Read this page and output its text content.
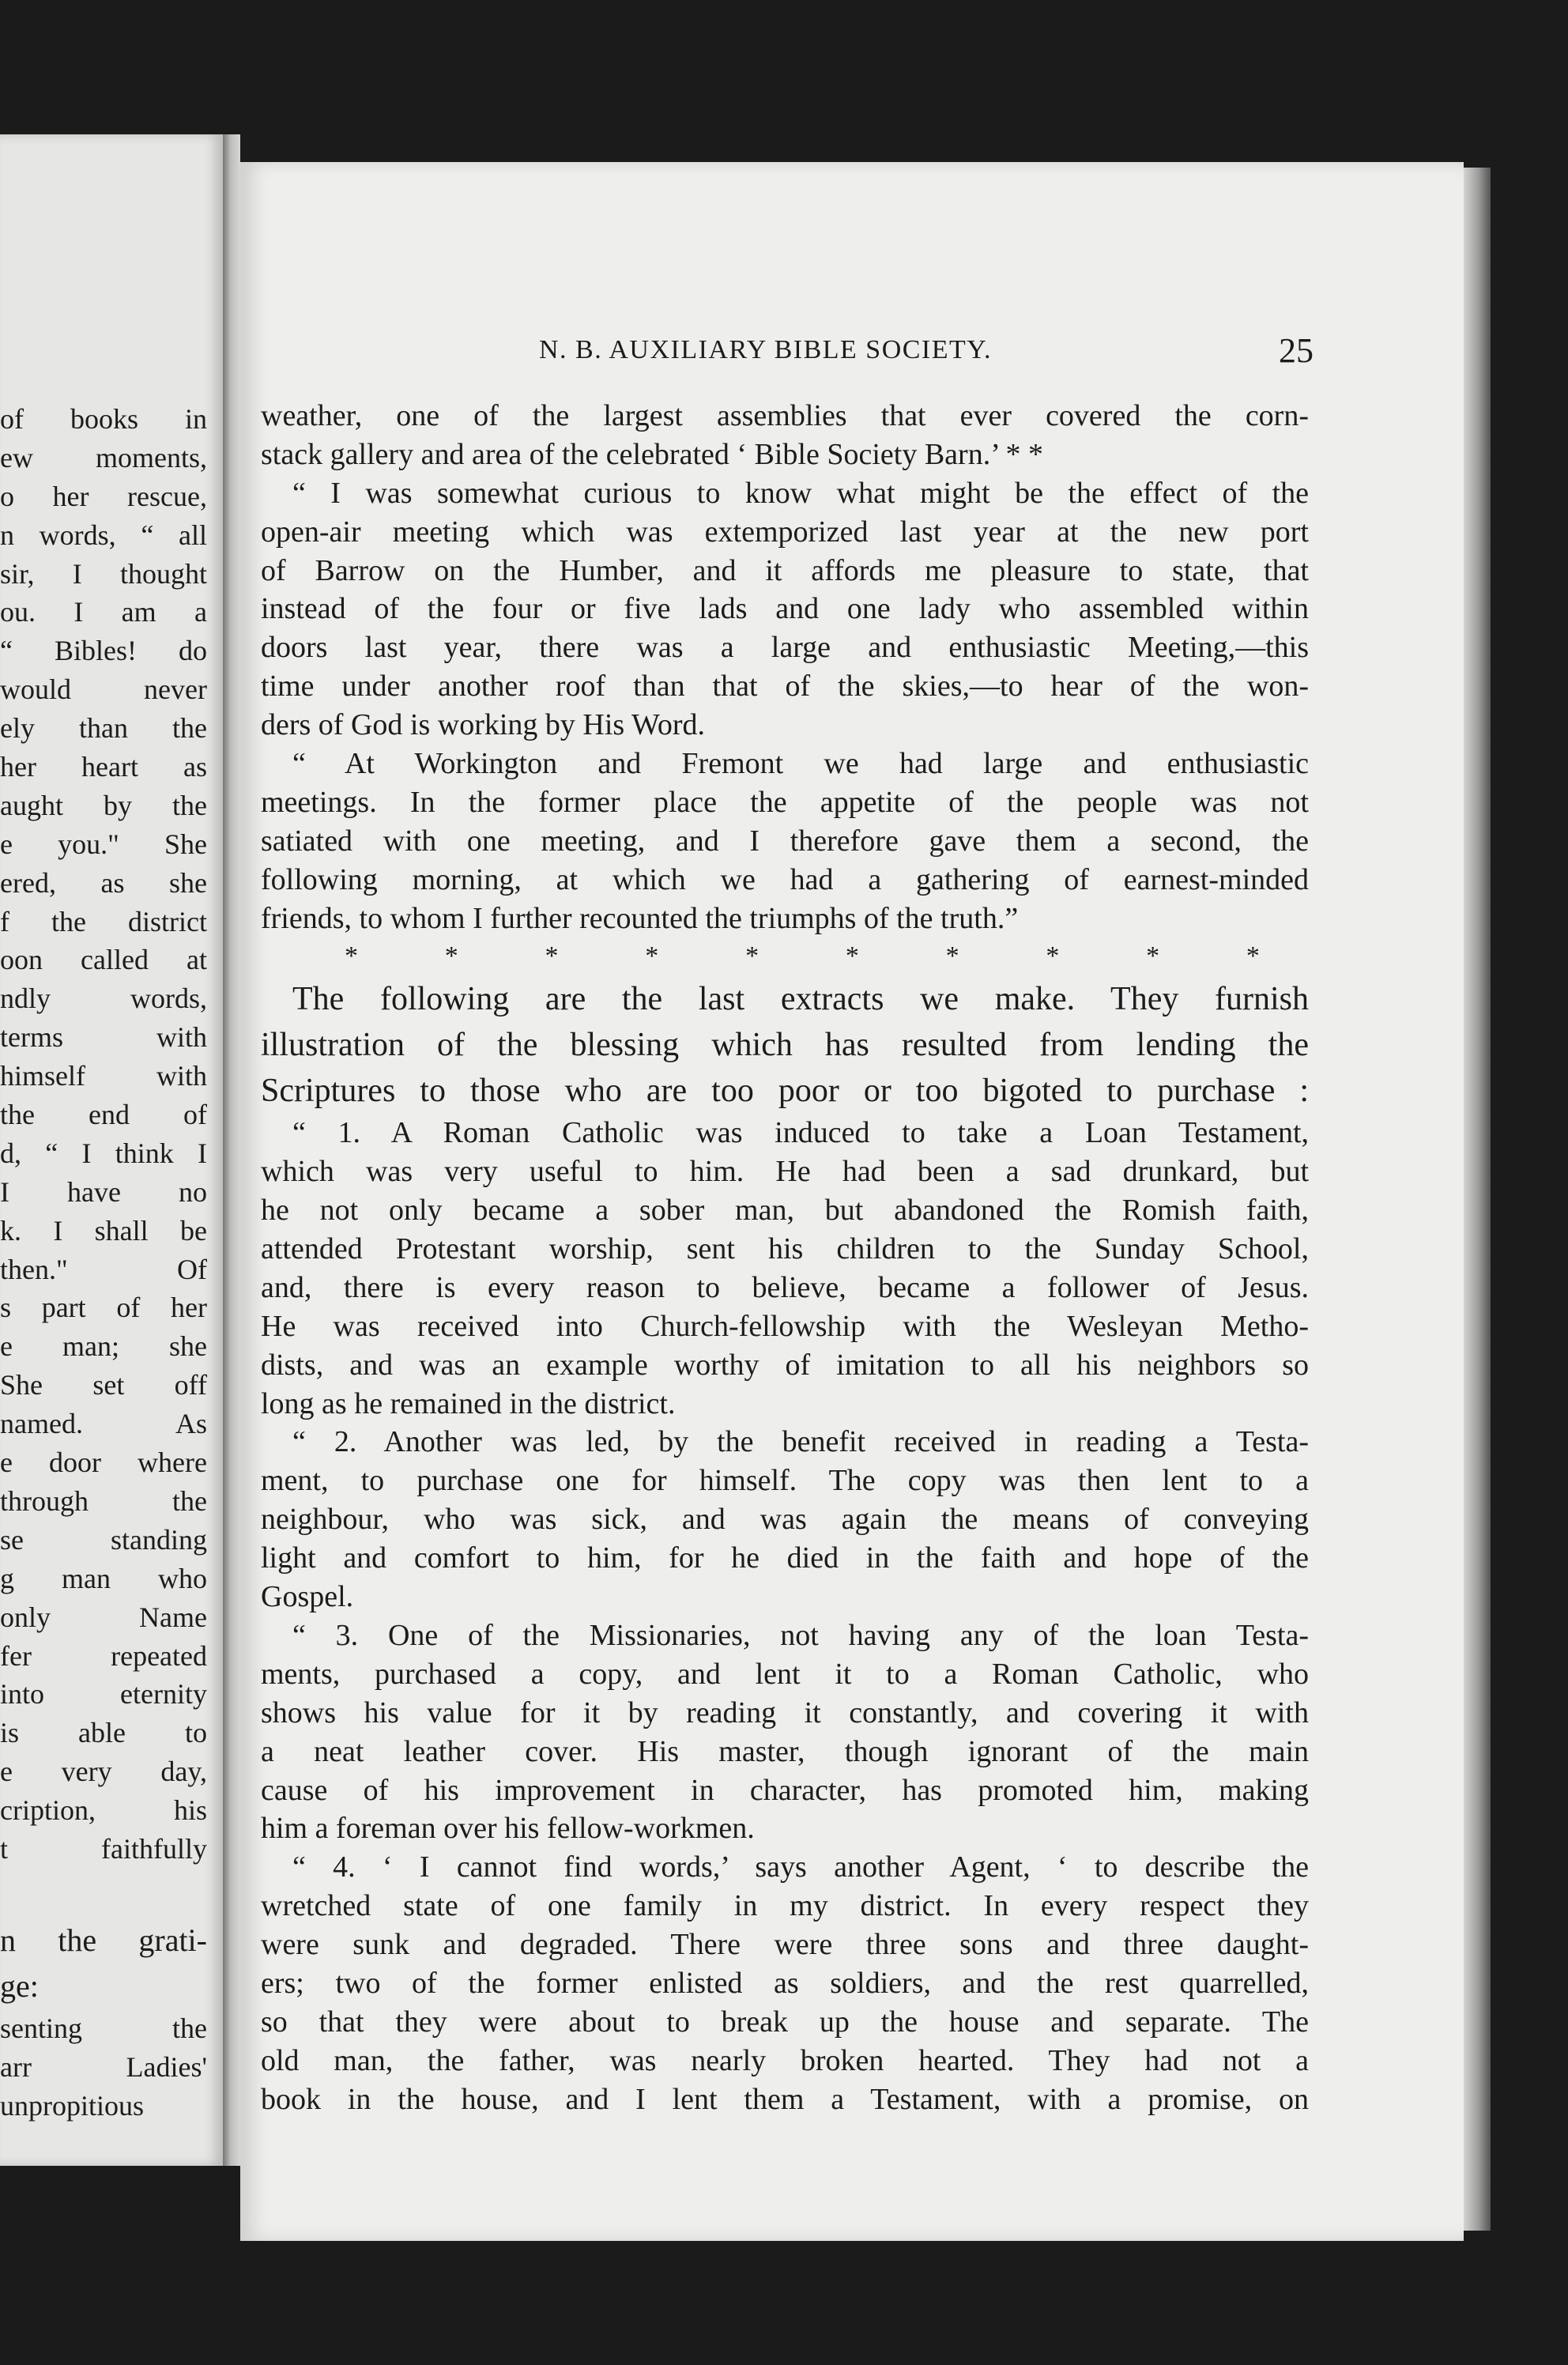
of books in
ew moments,
o her rescue,
n words, “ all
sir, I thought
ou. I am a
“ Bibles! do
would never
ely than the
her heart as
aught by the
e you." She
ered, as she
f the district
oon called at
ndly words,
terms with
himself with
the end of
d, “ I think I
I have no
k. I shall be
then." Of
s part of her
e man; she
She set off
named. As
e door where
through the
se standing
g man who
only Name
fer repeated
into eternity
is able to
e very day,
cription, his
t faithfully
n the grati-
ge:
senting the
arr Ladies'
unpropitious
N. B. AUXILIARY BIBLE SOCIETY.	25
weather, one of the largest assemblies that ever covered the corn-
stack gallery and area of the celebrated ‘ Bible Society Barn.’ * *
“ I was somewhat curious to know what might be the effect of the
open-air meeting which was extemporized last year at the new port
of Barrow on the Humber, and it affords me pleasure to state, that
instead of the four or five lads and one lady who assembled within
doors last year, there was a large and enthusiastic Meeting,—this
time under another roof than that of the skies,—to hear of the won-
ders of God is working by His Word.
“ At Workington and Fremont we had large and enthusiastic
meetings. In the former place the appetite of the people was not
satiated with one meeting, and I therefore gave them a second, the
following morning, at which we had a gathering of earnest-minded
friends, to whom I further recounted the triumphs of the truth.”
*	*	*	*	*	*	*	*	*	*
The following are the last extracts we make. They furnish
illustration of the blessing which has resulted from lending the
Scriptures to those who are too poor or too bigoted to purchase :
“ 1. A Roman Catholic was induced to take a Loan Testament,
which was very useful to him. He had been a sad drunkard, but
he not only became a sober man, but abandoned the Romish faith,
attended Protestant worship, sent his children to the Sunday School,
and, there is every reason to believe, became a follower of Jesus.
He was received into Church-fellowship with the Wesleyan Metho-
dists, and was an example worthy of imitation to all his neighbors so
long as he remained in the district.
“ 2. Another was led, by the benefit received in reading a Testa-
ment, to purchase one for himself. The copy was then lent to a
neighbour, who was sick, and was again the means of conveying
light and comfort to him, for he died in the faith and hope of the
Gospel.
“ 3. One of the Missionaries, not having any of the loan Testa-
ments, purchased a copy, and lent it to a Roman Catholic, who
shows his value for it by reading it constantly, and covering it with
a neat leather cover. His master, though ignorant of the main
cause of his improvement in character, has promoted him, making
him a foreman over his fellow-workmen.
“ 4. ‘ I cannot find words,’ says another Agent, ‘ to describe the
wretched state of one family in my district. In every respect they
were sunk and degraded. There were three sons and three daught-
ers; two of the former enlisted as soldiers, and the rest quarrelled,
so that they were about to break up the house and separate. The
old man, the father, was nearly broken hearted. They had not a
book in the house, and I lent them a Testament, with a promise, on
